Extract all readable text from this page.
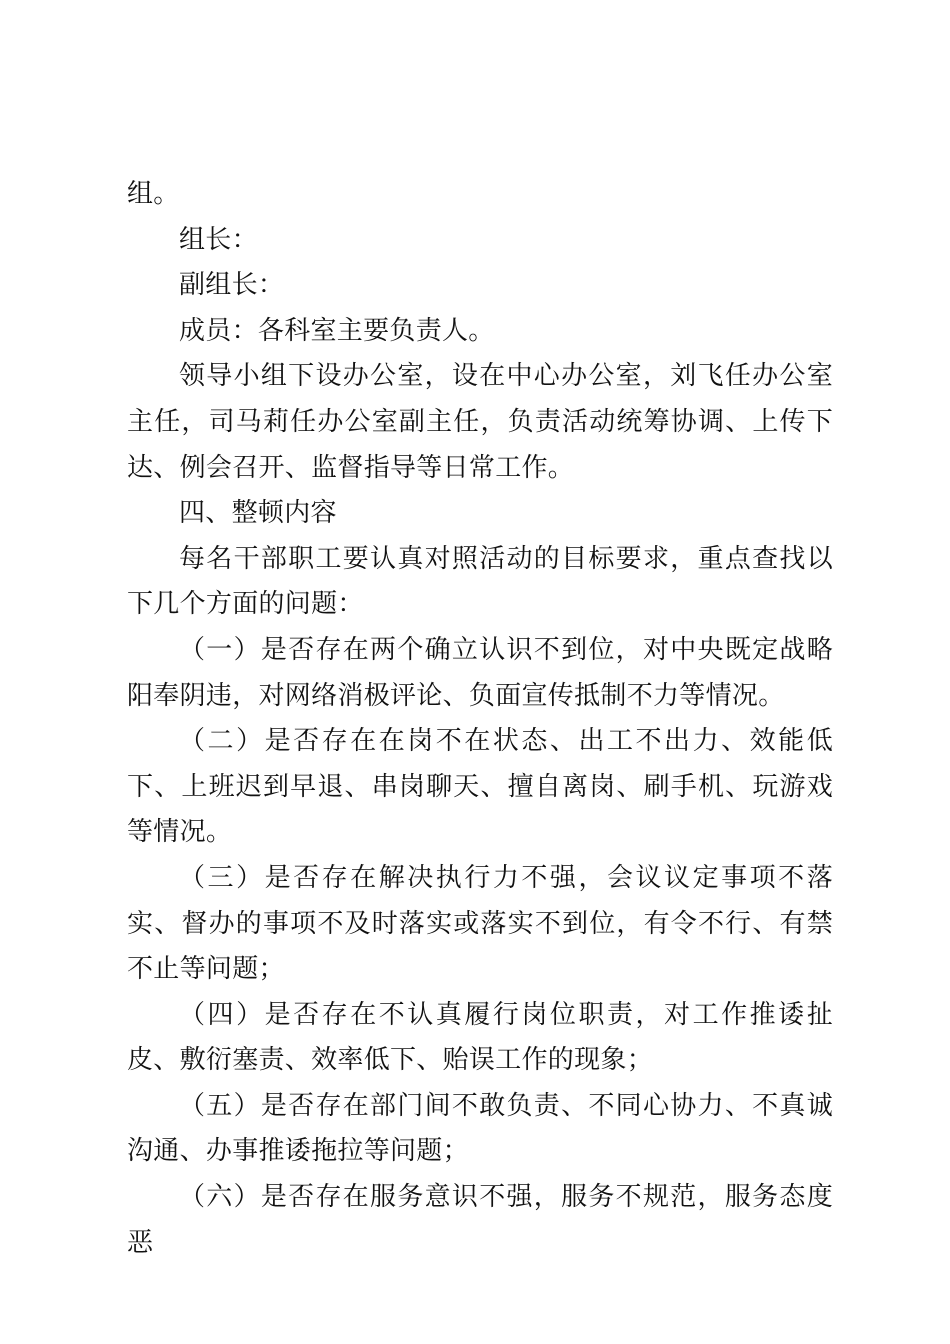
组。

组长：

副组长：

成员：各科室主要负责人。

领导小组下设办公室，设在中心办公室，刘飞任办公室主任，司马莉任办公室副主任，负责活动统筹协调、上传下达、例会召开、监督指导等日常工作。

四、整顿内容

每名干部职工要认真对照活动的目标要求，重点查找以下几个方面的问题：

（一）是否存在两个确立认识不到位，对中央既定战略阳奉阴违，对网络消极评论、负面宣传抵制不力等情况。

（二）是否存在在岗不在状态、出工不出力、效能低下、上班迟到早退、串岗聊天、擅自离岗、刷手机、玩游戏等情况。

（三）是否存在解决执行力不强，会议议定事项不落实、督办的事项不及时落实或落实不到位，有令不行、有禁不止等问题；

（四）是否存在不认真履行岗位职责，对工作推诿扯皮、敷衍塞责、效率低下、贻误工作的现象；

（五）是否存在部门间不敢负责、不同心协力、不真诚沟通、办事推诿拖拉等问题；

（六）是否存在服务意识不强，服务不规范，服务态度恶
